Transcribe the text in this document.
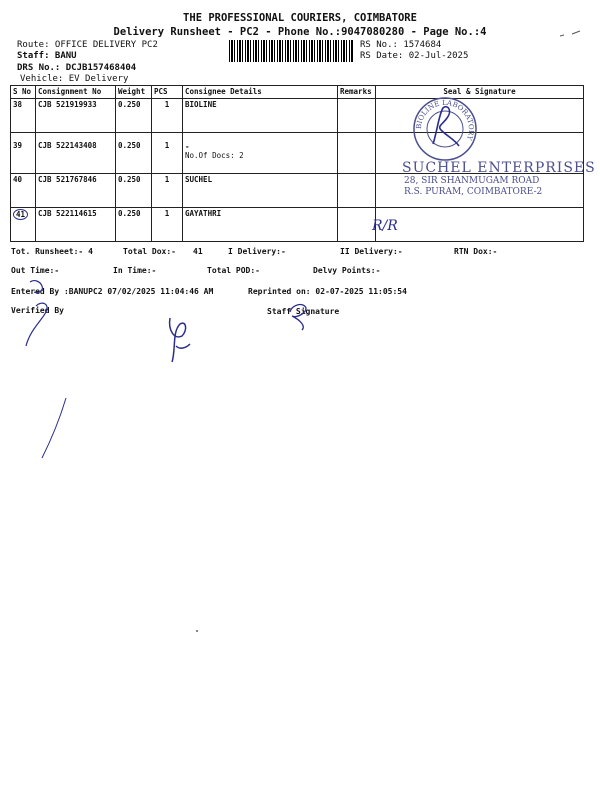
THE PROFESSIONAL COURIERS, COIMBATORE
Delivery Runsheet - PC2 - Phone No.:9047080280 - Page No.:4
Route: OFFICE DELIVERY PC2
Staff: BANU
DRS No.: DCJB157468404
Vehicle: EV Delivery
RS No.: 1574684
RS Date: 02-Jul-2025
S No	Consignment No	Weight	PCS	Consignee Details	Remarks	Seal & Signature
38	CJB 521919933	0.250	1	BIOLINE		

39	CJB 522143408	0.250	1	-
No.Of Docs: 2		

40	CJB 521767846	0.250	1	SUCHEL		

41	CJB 522114615	0.250	1	GAYATHRI		

BIOLINE LABORATORY
SUCHEL ENTERPRISES
28, SIR SHANMUGAM ROAD
R.S. PURAM, COIMBATORE-2
R/R
Tot. Runsheet:- 4	Total Dox:- 41	I Delivery:-	II Delivery:-	RTN Dox:-
Out Time:-	In Time:-	Total POD:-	Delvy Points:-
Entered By :BANUPC2 07/02/2025 11:04:46 AM	Reprinted on: 02-07-2025 11:05:54
Verified By	Staff Signature
